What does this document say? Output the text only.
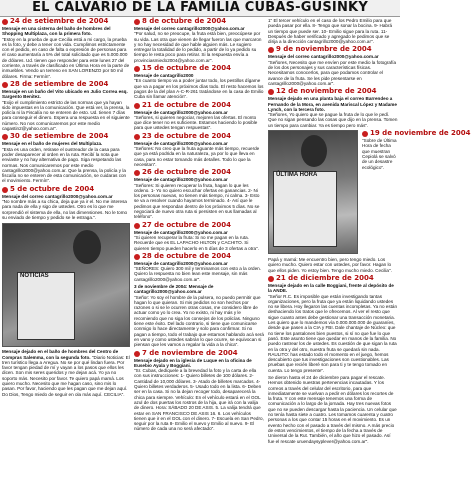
EL CALVARIO DE LA FAMILIA CUBAS-GUSINKY
24 de setiembre de 2004
Mensaje en una cisterna del baño de hombres del Shopping Multiplaza, con la primera foto.
"Estoy en la prueba de que Cecilia está a mi cargo, la prueba es la foto, y debe a tener con vida. Cumplimos estrictamente con el pedido, en caso de falta o expresión de personas para el caso aumentaría a 5% del total solicitado que es 5.000.000 de dólares. Ud. tienen que responder para este lunes 27 del corriente, a través de clasificado en Última Hora en la parte de inmuebles. Vendo un terreno en SAN LORENZO por 50 mil dólares. Firma: Fermín".
28 de setiembre de 2004
Mensaje en un baño del Vito ubicado en Julio Correa esq. Sargento Benitez.
"Exijo el cumplimiento estricto de las normas que ya hayan sido impuestas en la comunicación. Que está ver, la prensa, la policía ni la Fiscalía no se enteren de esto. Ud. tienen 7 días para conseguir el dinero. Espera una respuesta en el siguiente número. No nos comunicaremos por este medio cagastin2@yahoo.com.ar".
30 de setiembre de 2004
Mensaje en el baño de mujeres del Multiplaza.
"Esta es una orden, retirase el oustreador de la casa para poder desaparecer al orden en la ruta. Recibí la nota que enviaste y no hay alternativa de pago. Siga respetando las normas. Nos comunicaremos por este medio cantagrillo2000@yahoo.com.ar. Que la prensa, la policía y la fiscalía no se enteren de esta comunicación, se cuidaras con el movimiento. Fermín".
5 de octubre de 2004
Mensaje del correo cantagrillo2000@yahoo.com.ar
"No nombre más a su chica, deja que ya ir el. No me interesa para nada de ella y sigo de ustedes. Otro es lo que me sorprendió el sistema de ella, no las dimensiones. No le tomo su enviado de tiempo y pedido se le estraga.".
NOTICIAS
Mensaje dejado en el baño de hombres del Centro de Compras Salemma, con la segunda foto. "Diario Noticias: El tren turístico llega a Aregua. No se por qué lindan fuera. Por favor tengan piedad de mí y vayan a los pasos que ellos les dicen. Son mis seres queridos y me dejan acá. Yo ya no soporto más. Necesito por favor. Te quiero papá mamá. Los quiero mucho. Necesito que me hagan caso, sino mis lo pasan. Por favor, haciendo que les pagan que me dejan aquí. Do Dios, Tengo miedo de seguir en ola más aquí. CECILIA".
8 de octubre de 2004
Mensaje del correo cantagrillo2000@yahoo.com.ar
"Por salud, no se preocupe, la fruta está bien, preocúpese por su vida. Las otra que vienen de llegar fueron las que marcaron y no hay necesidad de que hable alguien más. Le sugiero entregar la totalidad de lo pedido, a partir de lo ya pedido su tiempo le resta poco para retirar. Si la respuesta envía a provinciasmiedo2004@yahoo.com.ar".
15 de octubre de 2004
Mensaje de cantagrillo2000
"En cuanto tiempo va a poder juntar todo, los pestillos dígame que va a pagar en los próximos días todo. El resto hacemos los pagos de la del plan A-C-R-261 tratándose en la casa de Emilio Cuba sin llamar atención".
21 de octubre de 2004
Mensaje de cantagrillo2000@yahoo.com.ar
"Señores, si quieren negociar, mejoren las ofertas. El monto que dice tener no es suficiente. Estamos haciendo lo posible para que ustedes tengan respuestas".
23 de octubre de 2004
Mensaje de cantagrillo2000@yahoo.com.ar
"Señores: No creo que la fruta aguante más tiempo, recuerde que ya está podrida en la naturaleza, ya por lo que lleva en casa, para no estar tomando más detalles. Todo lo que la necesitan".
26 de octubre de 2004
Mensaje de cantagrillo2000@yahoo.com.ar
"Señores: Si quieren recuperar la fruta, hagan lo que les ordeno. 1- Yo no quiero escuchar ofertas en ganancias. 2- Ni los personas nuevas, no tienen más tiempo, ni calma. 3- Esto se va a resolver cuando hayamos terminado. 4- Así que le pedimos que respondan dentro de los próximos 5 días. No se negociará de nuevo otra ruta si persisten en sus llamadas al teléfono".
27 de octubre de 2004
Mensaje de cantagrillo2000@yahoo.com.ar
"Si quieren recuperar la fruta: Si no me pagan en la ruta. Recuerde que es EL LAPACHO HILTON y CACHITO. Si quieren tiempo pueden hacerlo en 5 días de 3 ofertas a otra".
28 de octubre de 2004
Mensaje de cantagrillo2000@yahoo.com.ar
"SEÑORES: Quiero 300 mil y terminamos con esto a la orden. Quiero la respuesta no bien lean este mensaje, sin más cantagrillo2000@yahoo.com.ar".
3 de noviembre de 2004: Mensaje de cantagrillo2000@yahoo.com.ar
"Señor: Yo soy el hombre de la pulsera, no puedo permitir que hagan lo que quieran. Si mis pedidos no son hechos por razones o si se le ocurren otras cosas, me considero libre de actuar como yo lo crea. Yo no existo, ni hay más y le recomiendo que no siga los consejos de los policías. Ninguno tiene este éxito. Del lado contrario, si tiene que comunicarse conmigo lo hace directamente y solo para confirmar. Si no pagan a tiempo, todo el trabajo que estamos hablando acá será en vano y como ustedes sabrán lo que ocurre, se equivocan si piensan que les vamos a regalar la vida a la chica".
7 de noviembre de 2004
Mensaje dejado en la iglesia de Luque en la oficina de Eusebio Ayala y Boggiani.
"Sr. Cubas, dedíquele a la brevedad la foto y la carta de ella con sus instrucciones: 1- Quiero billetes de 100 dólares. 2- Cantidad de 10,000 dólares. 3- Atado de billetes marcados. 4- Quiero billetes verdaderos. 5- Usado todo en la lista. 6- Deben ser en la casa. Si no la dejan recoger todo, desaparecerá la chica para siempre. Vehículo: En el vehículo estará en el GOL azul de dos puertas los rostros de la hija, que irá con la valija de dinero. Hora: SÁBADO 20 DE ASIS. 5. La valija tendrá que estar en SAN FRANCISCO DE ASIS 16. 6. Los vehículos tienen que ir en el GOL con el dinero. 7- Escuela en San Pedro, seguir por la ruta 8- Emilio el nuevo y Emilio al nuevo. 9- El número de cada una no será afectado".
1" El tercer vehículo en el caso de los Pedro Emilio para que pueda pasar por ella. 8- Tengo que sonar la bocina. 9- Habrá un tiempo que puede ser. 10- Emilio sigue para la ruta. 11- Después de haber verificado y agregado le pedimos que se dirija a la dirección cantagrillo2000@yahoo.com.ar".
9 de noviembre de 2004
Mensaje del correo cantagrillo2000@yahoo.com.ar
"Señores, Necesito que me envíen por este medio la fotografía de los dos personajes y sus características físicas. Necesitamos conocerlos, para que podamos controlar el avance de la fruta. Se les pide presentarse en cantagrillo2000@yahoo.com.ar".
12 de noviembre de 2004
Mensaje dejado en una planta baja el correo Barrendeo a Fernando de la Mora, en avenida Mariscal López y Madame Lynch, con la tercera foto.
"Señores, Yo quiero que se pague la fruta de lo que le pedí. Que no sigan pensando las cosas que dijo en la prensa. Tomen un tiempo para cambiar. Ya es tiempo pero más".
ÚLTIMA HORA
19 de noviembre de 2004
"Sobre de Última Hora de fecha que muestran Cepiolá se salvó de un desastre ecológico".
Papá y mamá: Me encuentro bien, pero tengo miedo. Los quiero mucho. Quiero estar con ustedes, por favor. Hagan lo que ellos piden. Yo estoy bien. Tengo mucho miedo. Cecilia".
21 de diciembre de 2004
Mensaje dejado en la calle Boggiani, frente al depósito de la ANDE.
"Señor R.C. Es imposible que están investigando tantas organizaciones, pero la fruta que ya están liquidando ustedes no se libera. Hoy llegaron las cuentas incompletas. Ya no están deshaciendo los tratos que le ofrecemos. Al ver el resto que sigue cuanto antes debe gestionar una transacción monetaria. Les quiero que lo mandemos vía 0.000.000.000 de guaraníes, desde que pasen a la CIA y FBI. Dale chantaje de Núcleo: que no tiene los pantalones bien puestos, si sí no que fue lo que pasó. Este asunto tiene que quedar en manos de la familia. No puedo rastrear los de ustedes. Es cuestión de que sigan la ruta en la otra y del otro, nuestra fruta se quedará sin nada. RAULITO: has estado todo el momento en el juego, hemos descubierto que tus investigaciones son cuestionables. Las pruebas que recién liberé son para ti y te tengo tomado en cuenta. Lo tengo presente".
Se dieron hasta el 24 de diciembre para pagar el rescate. Hemos obtenido nuestras pertenencias incautadas. Y los correos a través del celular del escritorio, para que inmediatamente se vuelvan a pedir en dólares los recortes de la fruta. Y con este mensaje tenemos una forma de comunicación a lo largo de la jornada. Hay tres nuevas fotos que no se pueden descargar hasta la paciencia. Un celular que no tenía hasta siete a cuatro. Les tomamos cuarenta y cuatro personas a los que contar 15 horas en el movimiento. Es un evento hecho con el pasado a través del mismo. A más precio de estos vencimientos, el tiempo de la fecha a través de Universal de la Rut. También, el año que hizo el pasado. Así fue el rescate uruendaysyplever@yahoo.com.ar".
